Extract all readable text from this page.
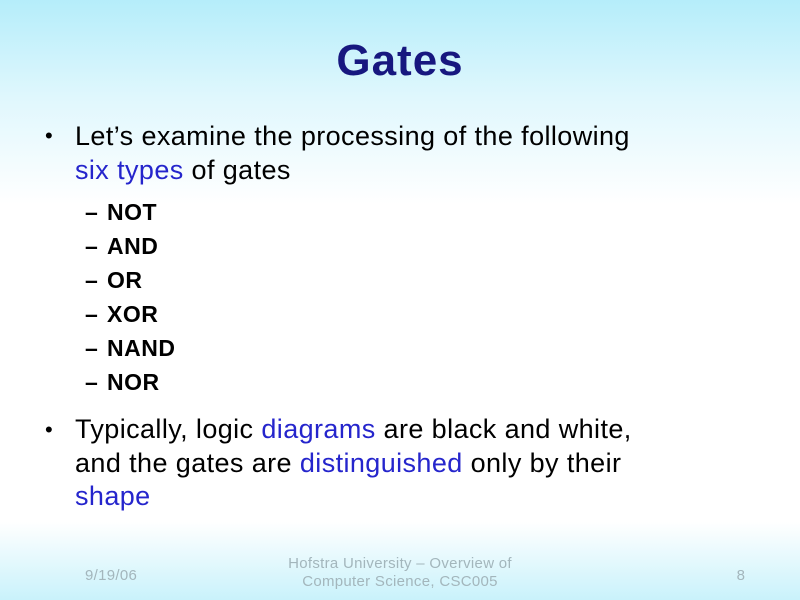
Gates
• Let’s examine the processing of the following
six types of gates
– NOT
– AND
– OR
– XOR
– NAND
– NOR
• Typically, logic diagrams are black and white,
and the gates are distinguished only by their
shape
9/19/06
Hofstra University – Overview of
Computer Science, CSC005	8
